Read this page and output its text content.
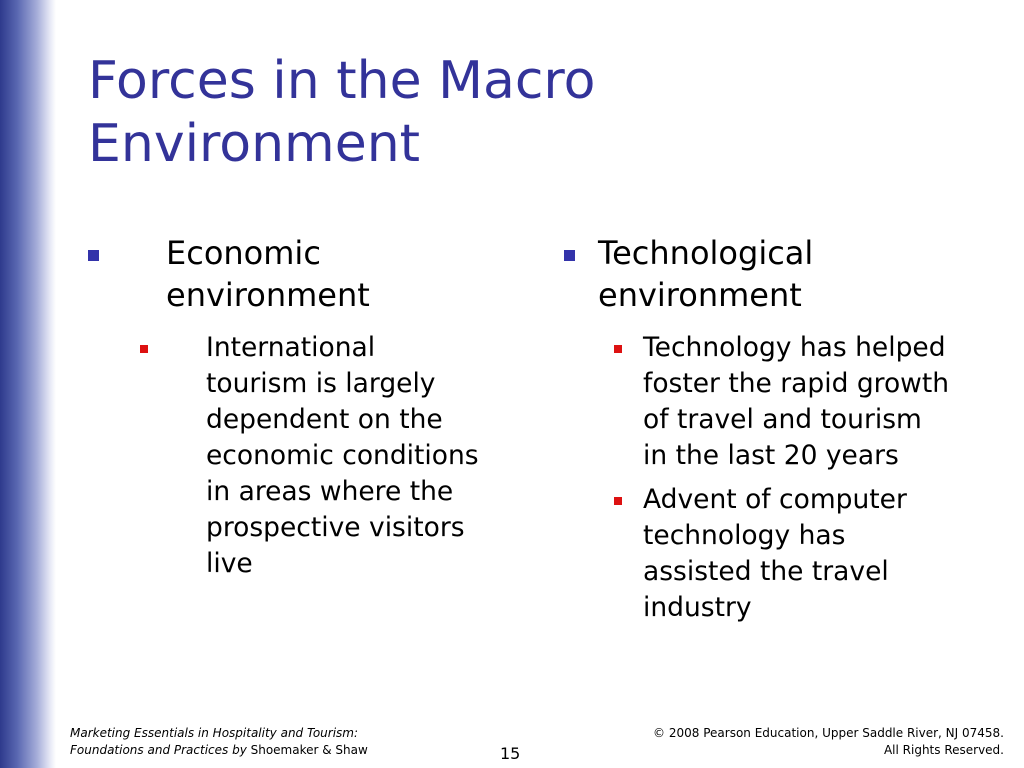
Forces in the Macro
Environment
Economic
environment
International
tourism is largely
dependent on the
economic conditions
in areas where the
prospective visitors
live
Technological
environment
Technology has helped
foster the rapid growth
of travel and tourism
in the last 20 years
Advent of computer
technology has
assisted the travel
industry
Marketing Essentials in Hospitality and Tourism:
Foundations and Practices by Shoemaker & Shaw	15
© 2008 Pearson Education, Upper Saddle River, NJ 07458.
All Rights Reserved.
